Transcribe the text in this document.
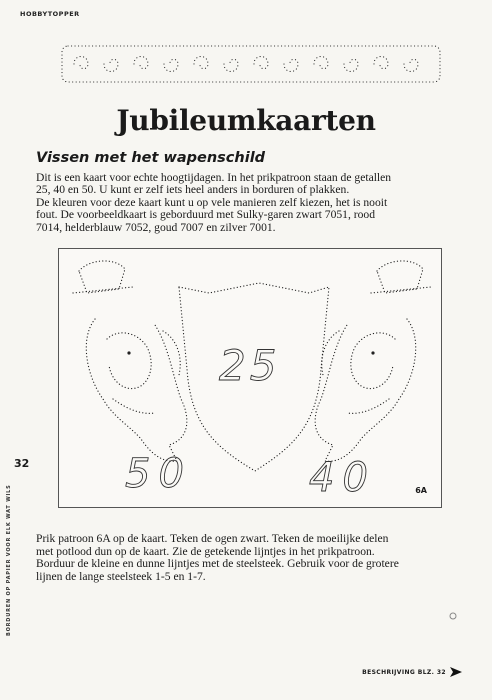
HOBBYTOPPER
Jubileumkaarten
Vissen met het wapenschild

Dit is een kaart voor echte hoogtijdagen. In het prikpatroon staan de getallen
25, 40 en 50. U kunt er zelf iets heel anders in borduren of plakken.
De kleuren voor deze kaart kunt u op vele manieren zelf kiezen, het is nooit
fout. De voorbeeldkaart is geborduurd met Sulky-garen zwart 7051, rood
7014, helderblauw 7052, goud 7007 en zilver 7001.

25
50	40	6A
32
BORDUREN OP PAPIER VOOR ELK WAT WILS Prik patroon 6A op de kaart. Teken de ogen zwart. Teken de moeilijke delen
met potlood dun op de kaart. Zie de getekende lijntjes in het prikpatroon.
Borduur de kleine en dunne lijntjes met de steelsteek. Gebruik voor de grotere
lijnen de lange steelsteek 1-5 en 1-7.

BESCHRIJVING BLZ. 32
